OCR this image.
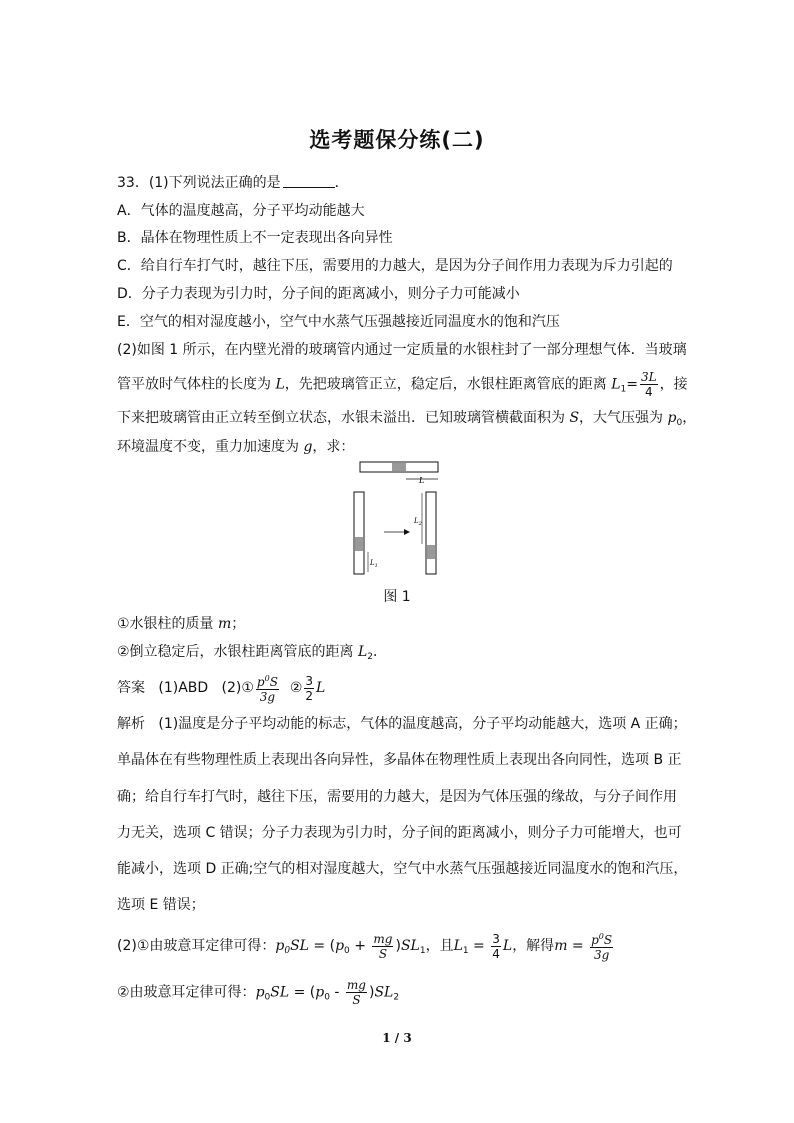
选考题保分练(二)
33．(1)下列说法正确的是	．
A．气体的温度越高，分子平均动能越大
B．晶体在物理性质上不一定表现出各向异性
C．给自行车打气时，越往下压，需要用的力越大，是因为分子间作用力表现为斥力引起的
D．分子力表现为引力时，分子间的距离减小，则分子力可能减小
E．空气的相对湿度越小，空气中水蒸气压强越接近同温度水的饱和汽压
(2)如图 1 所示，在内壁光滑的玻璃管内通过一定质量的水银柱封了一部分理想气体．当玻璃
管平放时气体柱的长度为 L，先把玻璃管正立，稳定后，水银柱距离管底的距离 $L_1= \frac{3L}{4}$ ，接
下来把玻璃管由正立转至倒立状态，水银未溢出．已知玻璃管横截面积为 S，大气压强为 $p_0$，
环境温度不变，重力加速度为 g，求：
L
$L_1$
$L_2$
图 1
①水银柱的质量 m；
②倒立稳定后，水银柱距离管底的距离 $L_2$.
答案 (1)ABD (2)① $\frac{p^0S}{3g}$ ② $\frac{3}{2}$ L
解析 (1)温度是分子平均动能的标志，气体的温度越高，分子平均动能越大，选项 A 正确；
单晶体在有些物理性质上表现出各向异性，多晶体在物理性质上表现出各向同性，选项 B 正
确；给自行车打气时，越往下压，需要用的力越大，是因为气体压强的缘故，与分子间作用
力无关，选项 C 错误；分子力表现为引力时，分子间的距离减小，则分子力可能增大，也可
能减小，选项 D 正确;空气的相对湿度越大，空气中水蒸气压强越接近同温度水的饱和汽压，
选项 E 错误；
(2)①由玻意耳定律可得：$p_0SL = (p_0 + \frac{mg}{S} )SL_1$，且$L_1 = \frac{3}{4}$ L，解得$m = \frac{p^0S}{3g}$
②由玻意耳定律可得：$p_0SL = (p_0 - \frac{mg}{S} )SL_2$
1 / 3
